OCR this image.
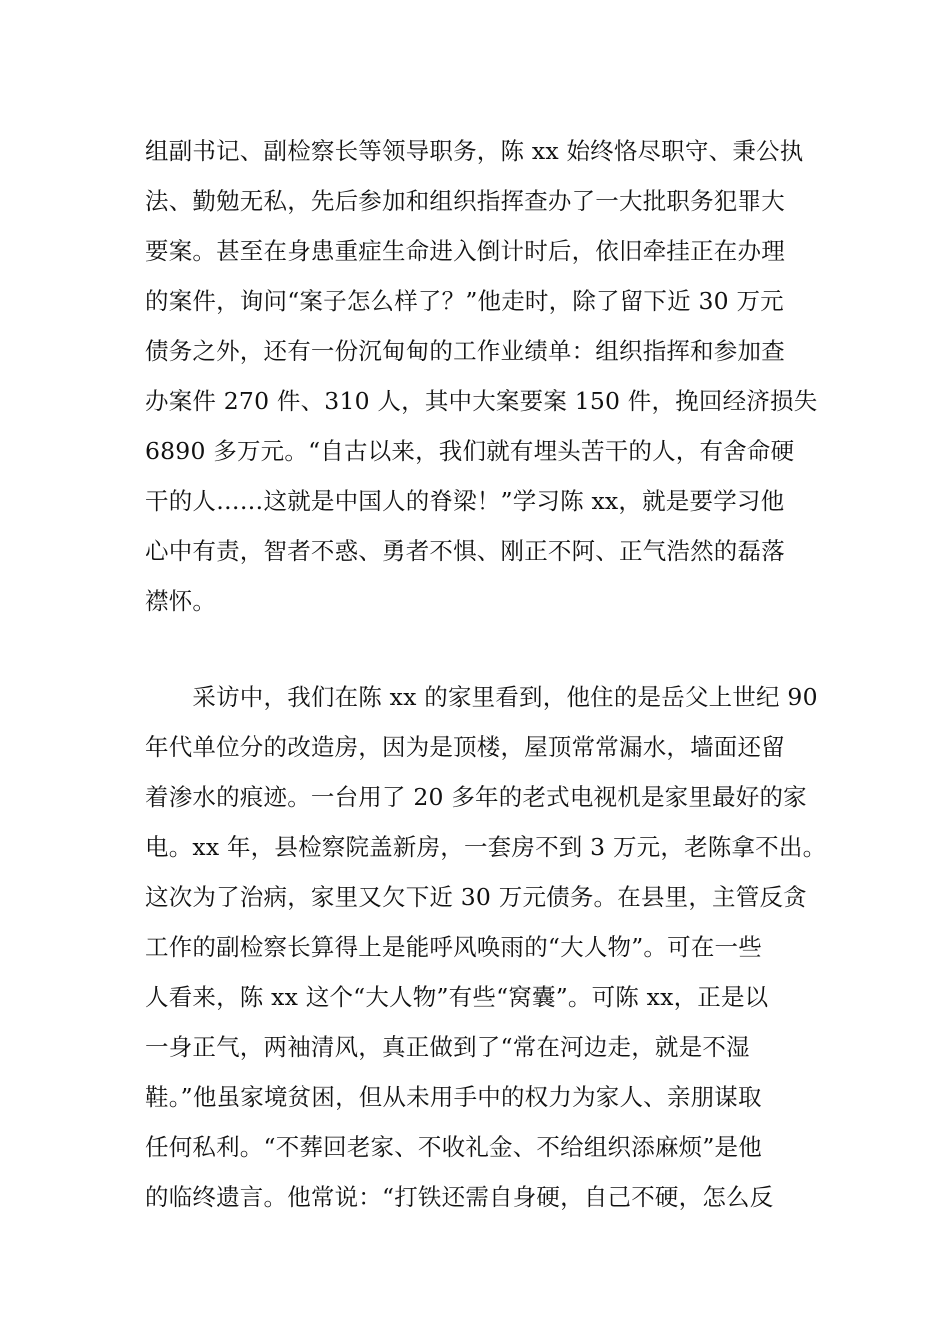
组副书记、副检察长等领导职务，陈 xx 始终恪尽职守、秉公执
法、勤勉无私，先后参加和组织指挥查办了一大批职务犯罪大
要案。甚至在身患重症生命进入倒计时后，依旧牵挂正在办理
的案件，询问“案子怎么样了？”他走时，除了留下近 30 万元
债务之外，还有一份沉甸甸的工作业绩单：组织指挥和参加查
办案件 270 件、310 人，其中大案要案 150 件，挽回经济损失
6890 多万元。“自古以来，我们就有埋头苦干的人，有舍命硬
干的人……这就是中国人的脊梁！”学习陈 xx，就是要学习他
心中有责，智者不惑、勇者不惧、刚正不阿、正气浩然的磊落
襟怀。
　　采访中，我们在陈 xx 的家里看到，他住的是岳父上世纪 90
年代单位分的改造房，因为是顶楼，屋顶常常漏水，墙面还留
着渗水的痕迹。一台用了 20 多年的老式电视机是家里最好的家
电。xx 年，县检察院盖新房，一套房不到 3 万元，老陈拿不出。
这次为了治病，家里又欠下近 30 万元债务。在县里，主管反贪
工作的副检察长算得上是能呼风唤雨的“大人物”。可在一些
人看来，陈 xx 这个“大人物”有些“窝囊”。可陈 xx，正是以
一身正气，两袖清风，真正做到了“常在河边走，就是不湿
鞋。”他虽家境贫困，但从未用手中的权力为家人、亲朋谋取
任何私利。“不葬回老家、不收礼金、不给组织添麻烦”是他
的临终遗言。他常说：“打铁还需自身硬，自己不硬，怎么反
